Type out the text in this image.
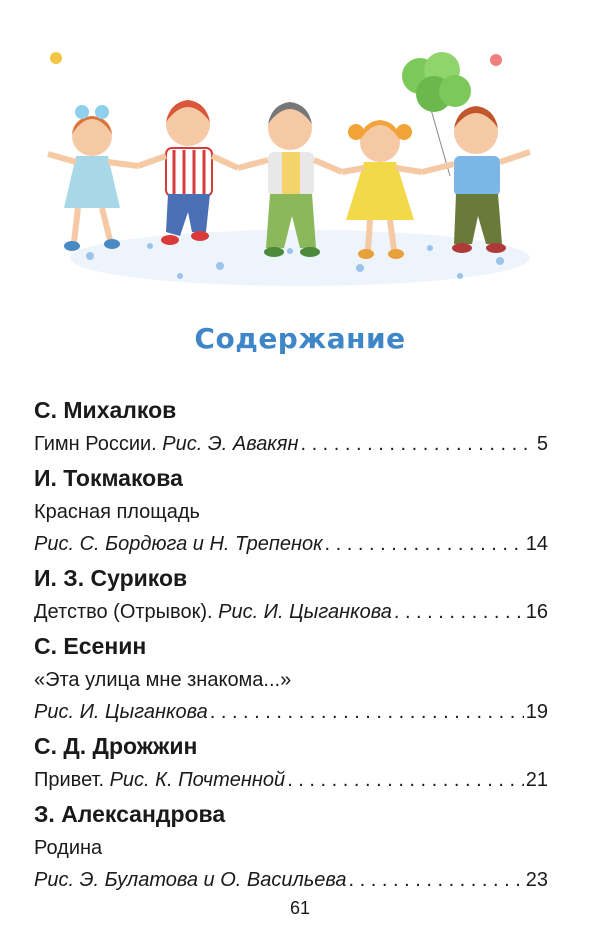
Содержание
С. Михалков
Гимн России. Рис. Э. Авакян . . .	5
И. Токмакова
Красная площадь
Рис. С. Бордюга и Н. Трепенок . . .	14
И. З. Суриков
Детство (Отрывок). Рис. И. Цыганкова . . .	16
С. Есенин
«Эта улица мне знакома...»
Рис. И. Цыганкова . . .	19
С. Д. Дрожжин
Привет. Рис. К. Почтенной . . .	21
З. Александрова
Родина
Рис. Э. Булатова и О. Васильева . . .	23
61
